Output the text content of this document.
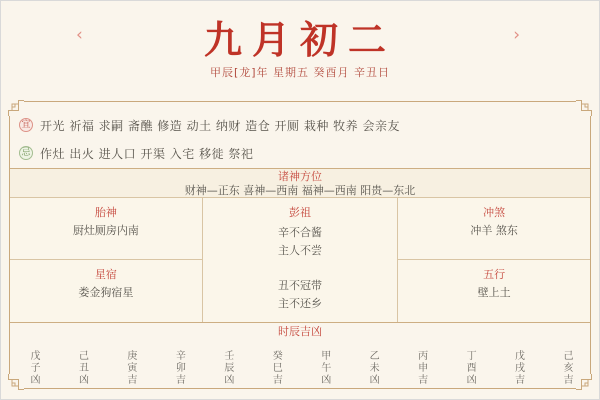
九月初二
‹	›
甲辰[龙]年 星期五 癸酉月 辛丑日
宜 开光 祈福 求嗣 斋醮 修造 动土 纳财 造仓 开厕 栽种 牧养 会亲友
忌 作灶 出火 进人口 开渠 入宅 移徙 祭祀
诸神方位
财神—正东 喜神—西南 福神—西南 阳贵—东北
胎神
厨灶厕房内南
彭祖
辛不合酱
主人不尝
丑不冠带
主不还乡
冲煞
冲羊 煞东
星宿
娄金狗宿星
五行
壁上土
时辰吉凶
戊子凶	己丑凶	庚寅吉	辛卯吉	壬辰凶	癸巳吉	甲午凶	乙未凶	丙申吉	丁酉凶	戊戌吉	己亥吉
